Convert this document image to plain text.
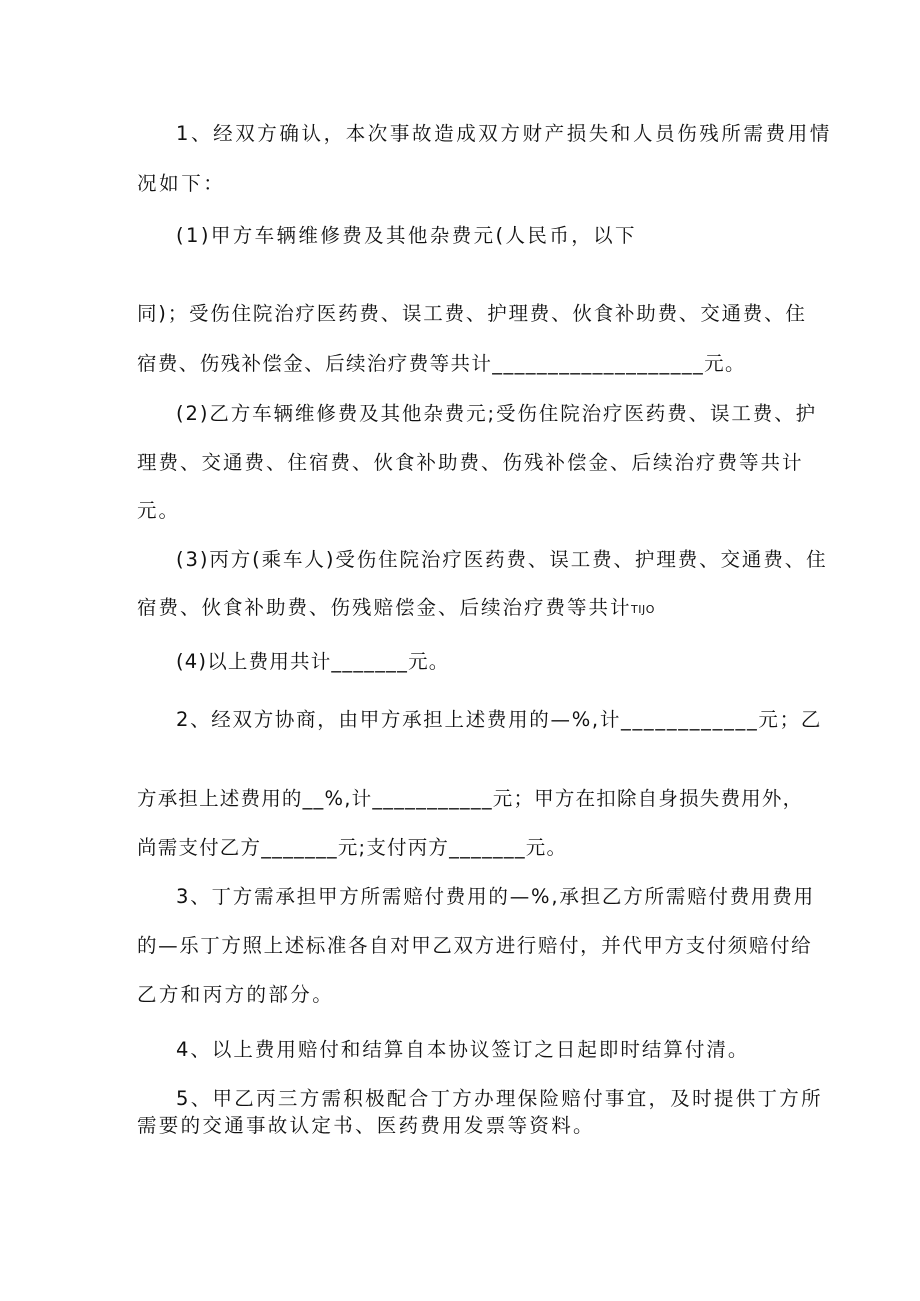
1、经双方确认，本次事故造成双方财产损失和人员伤残所需费用情
况如下：
(1)甲方车辆维修费及其他杂费元(人民币，以下
同)；受伤住院治疗医药费、误工费、护理费、伙食补助费、交通费、住
宿费、伤残补偿金、后续治疗费等共计___________________元。
(2)乙方车辆维修费及其他杂费元;受伤住院治疗医药费、误工费、护
理费、交通费、住宿费、伙食补助费、伤残补偿金、后续治疗费等共计
元。
(3)丙方(乘车人)受伤住院治疗医药费、误工费、护理费、交通费、住
宿费、伙食补助费、伤残赔偿金、后续治疗费等共计 TIJO
(4)以上费用共计_______元。
2、经双方协商，由甲方承担上述费用的—%,计____________元；乙
方承担上述费用的__%,计___________元；甲方在扣除自身损失费用外，
尚需支付乙方_______元;支付丙方_______元。
3、丁方需承担甲方所需赔付费用的—%,承担乙方所需赔付费用费用
的—乐丁方照上述标准各自对甲乙双方进行赔付，并代甲方支付须赔付给
乙方和丙方的部分。
4、以上费用赔付和结算自本协议签订之日起即时结算付清。
5、甲乙丙三方需积极配合丁方办理保险赔付事宜，及时提供丁方所
需要的交通事故认定书、医药费用发票等资料。
